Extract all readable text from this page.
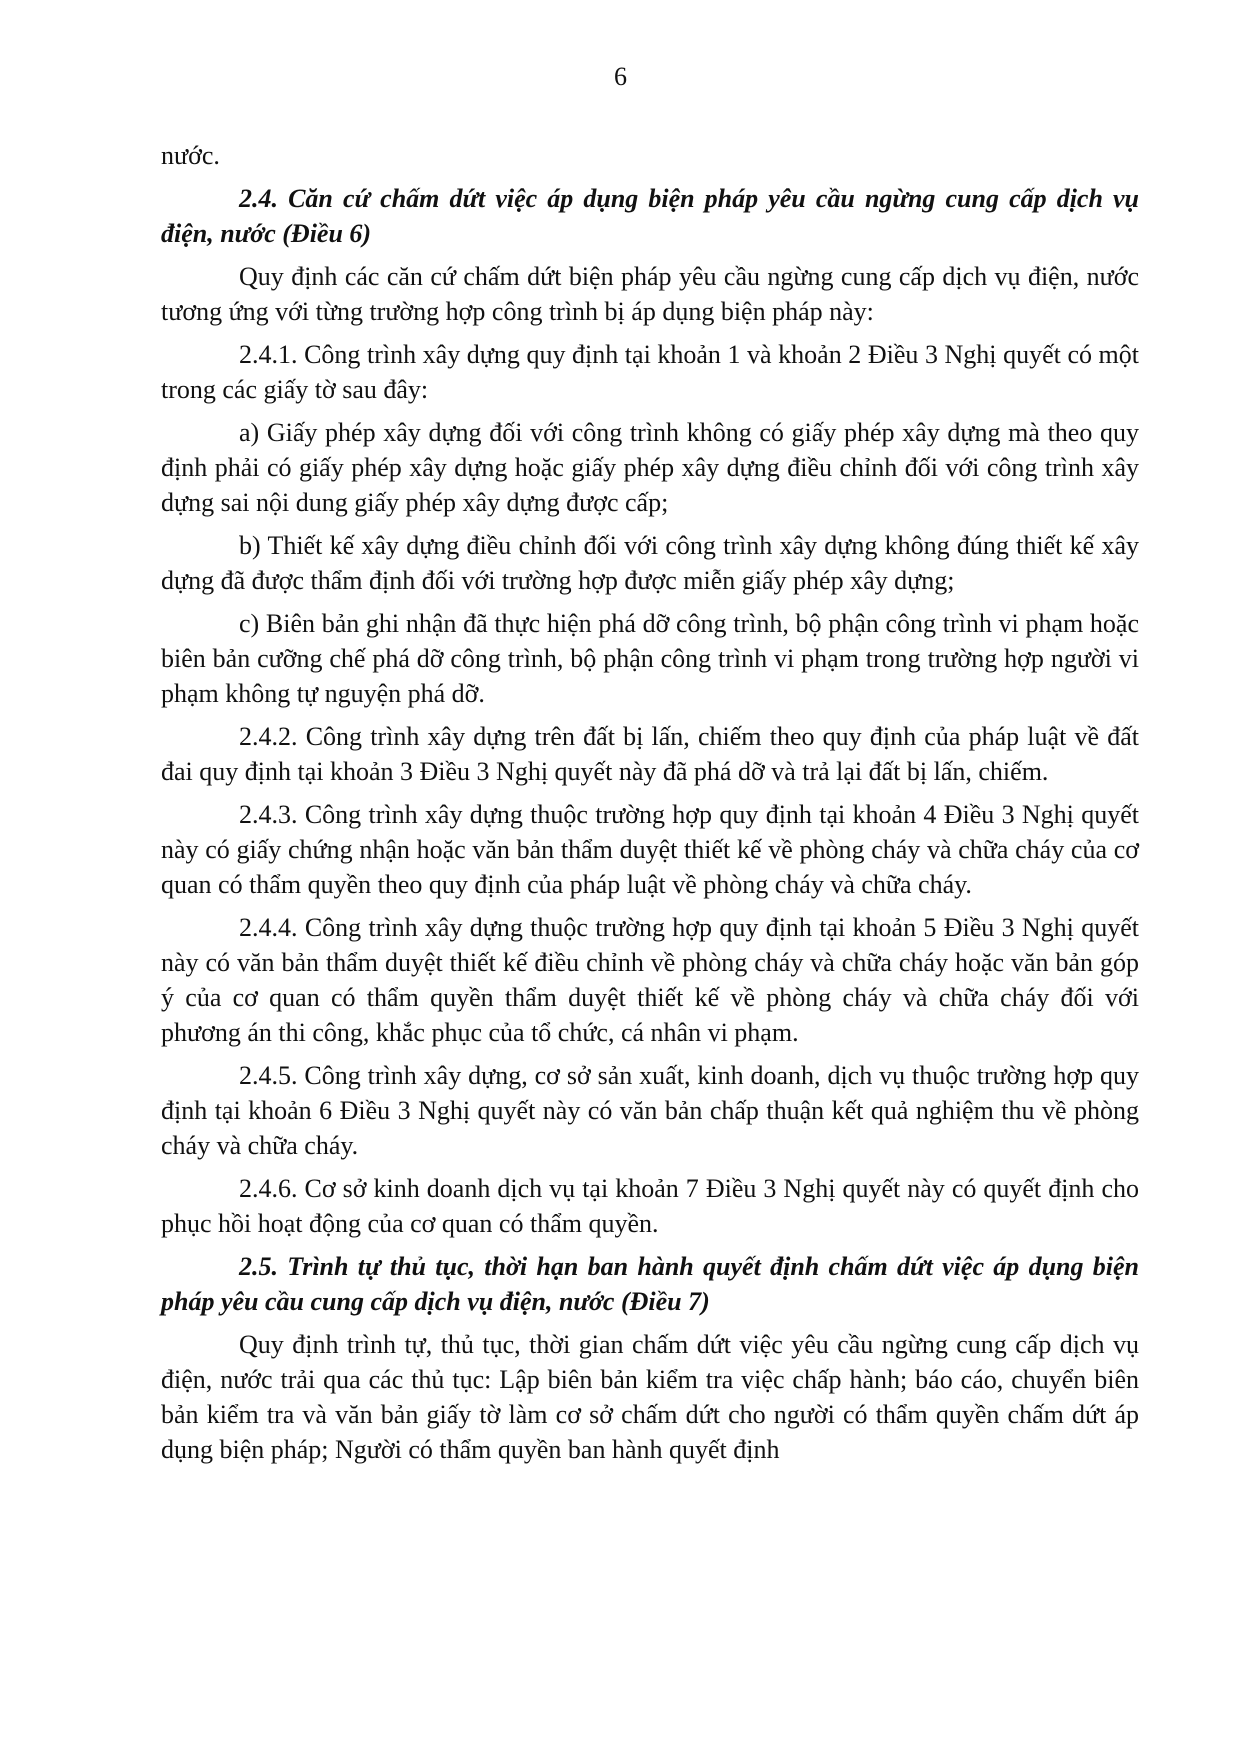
6

nước.

2.4. Căn cứ chấm dứt việc áp dụng biện pháp yêu cầu ngừng cung cấp dịch vụ điện, nước (Điều 6)

Quy định các căn cứ chấm dứt biện pháp yêu cầu ngừng cung cấp dịch vụ điện, nước tương ứng với từng trường hợp công trình bị áp dụng biện pháp này:

2.4.1. Công trình xây dựng quy định tại khoản 1 và khoản 2 Điều 3 Nghị quyết có một trong các giấy tờ sau đây:

a) Giấy phép xây dựng đối với công trình không có giấy phép xây dựng mà theo quy định phải có giấy phép xây dựng hoặc giấy phép xây dựng điều chỉnh đối với công trình xây dựng sai nội dung giấy phép xây dựng được cấp;

b) Thiết kế xây dựng điều chỉnh đối với công trình xây dựng không đúng thiết kế xây dựng đã được thẩm định đối với trường hợp được miễn giấy phép xây dựng;

c) Biên bản ghi nhận đã thực hiện phá dỡ công trình, bộ phận công trình vi phạm hoặc biên bản cưỡng chế phá dỡ công trình, bộ phận công trình vi phạm trong trường hợp người vi phạm không tự nguyện phá dỡ.

2.4.2. Công trình xây dựng trên đất bị lấn, chiếm theo quy định của pháp luật về đất đai quy định tại khoản 3 Điều 3 Nghị quyết này đã phá dỡ và trả lại đất bị lấn, chiếm.

2.4.3. Công trình xây dựng thuộc trường hợp quy định tại khoản 4 Điều 3 Nghị quyết này có giấy chứng nhận hoặc văn bản thẩm duyệt thiết kế về phòng cháy và chữa cháy của cơ quan có thẩm quyền theo quy định của pháp luật về phòng cháy và chữa cháy.

2.4.4. Công trình xây dựng thuộc trường hợp quy định tại khoản 5 Điều 3 Nghị quyết này có văn bản thẩm duyệt thiết kế điều chỉnh về phòng cháy và chữa cháy hoặc văn bản góp ý của cơ quan có thẩm quyền thẩm duyệt thiết kế về phòng cháy và chữa cháy đối với phương án thi công, khắc phục của tổ chức, cá nhân vi phạm.

2.4.5. Công trình xây dựng, cơ sở sản xuất, kinh doanh, dịch vụ thuộc trường hợp quy định tại khoản 6 Điều 3 Nghị quyết này có văn bản chấp thuận kết quả nghiệm thu về phòng cháy và chữa cháy.

2.4.6. Cơ sở kinh doanh dịch vụ tại khoản 7 Điều 3 Nghị quyết này có quyết định cho phục hồi hoạt động của cơ quan có thẩm quyền.

2.5. Trình tự thủ tục, thời hạn ban hành quyết định chấm dứt việc áp dụng biện pháp yêu cầu cung cấp dịch vụ điện, nước (Điều 7)

Quy định trình tự, thủ tục, thời gian chấm dứt việc yêu cầu ngừng cung cấp dịch vụ điện, nước trải qua các thủ tục: Lập biên bản kiểm tra việc chấp hành; báo cáo, chuyển biên bản kiểm tra và văn bản giấy tờ làm cơ sở chấm dứt cho người có thẩm quyền chấm dứt áp dụng biện pháp; Người có thẩm quyền ban hành quyết định
